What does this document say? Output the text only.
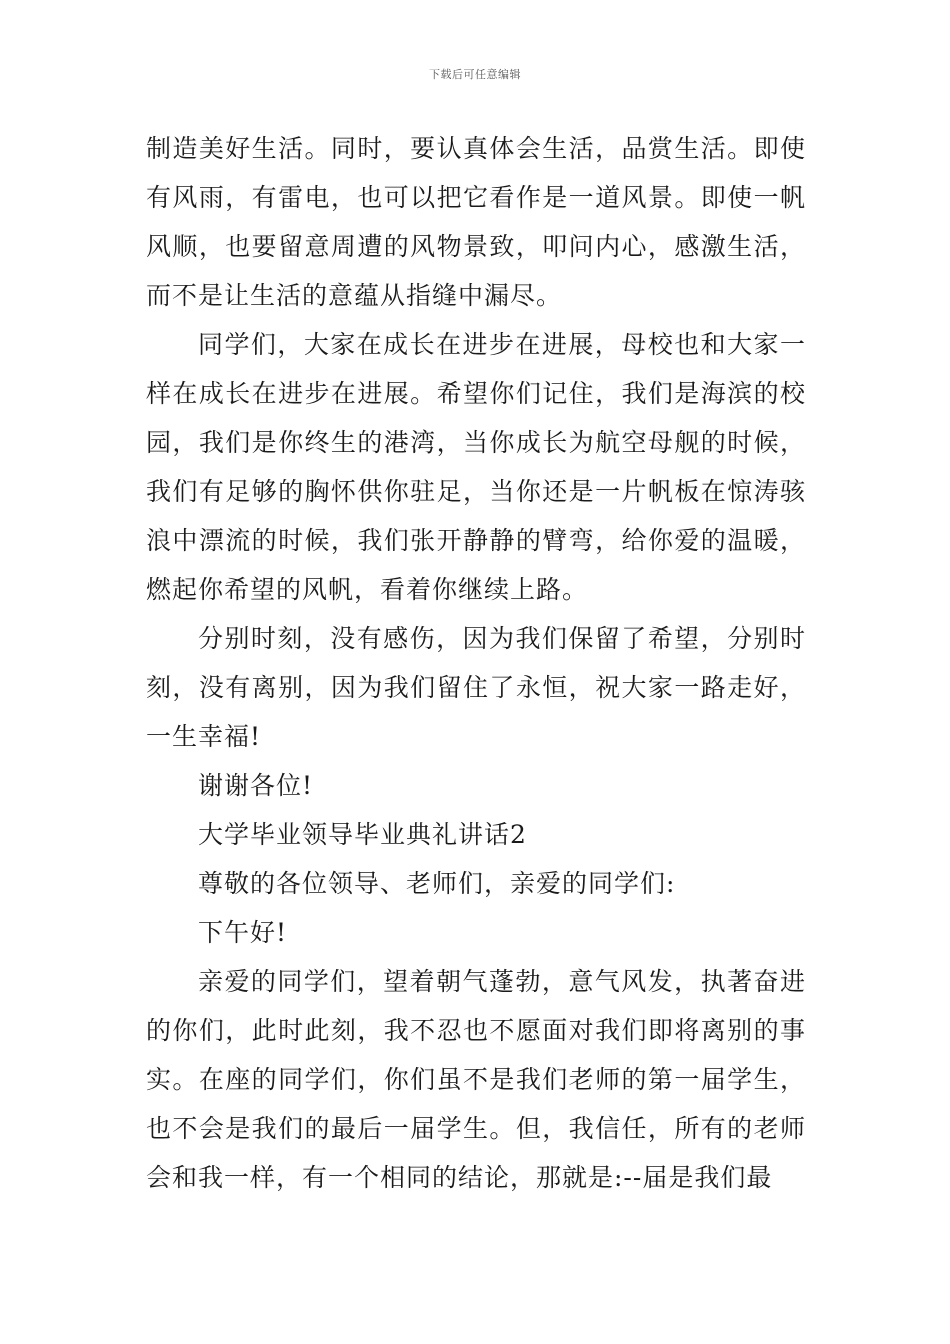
下载后可任意编辑

制造美好生活。同时，要认真体会生活，品赏生活。即使有风雨，有雷电，也可以把它看作是一道风景。即使一帆风顺，也要留意周遭的风物景致，叩问内心，感激生活，而不是让生活的意蕴从指缝中漏尽。

同学们，大家在成长在进步在进展，母校也和大家一样在成长在进步在进展。希望你们记住，我们是海滨的校园，我们是你终生的港湾，当你成长为航空母舰的时候，我们有足够的胸怀供你驻足，当你还是一片帆板在惊涛骇浪中漂流的时候，我们张开静静的臂弯，给你爱的温暖，燃起你希望的风帆，看着你继续上路。

分别时刻，没有感伤，因为我们保留了希望，分别时刻，没有离别，因为我们留住了永恒，祝大家一路走好，一生幸福!

谢谢各位!

大学毕业领导毕业典礼讲话2

尊敬的各位领导、老师们，亲爱的同学们:

下午好!

亲爱的同学们，望着朝气蓬勃，意气风发，执著奋进的你们，此时此刻，我不忍也不愿面对我们即将离别的事实。在座的同学们，你们虽不是我们老师的第一届学生，也不会是我们的最后一届学生。但，我信任，所有的老师会和我一样，有一个相同的结论，那就是:--届是我们最
